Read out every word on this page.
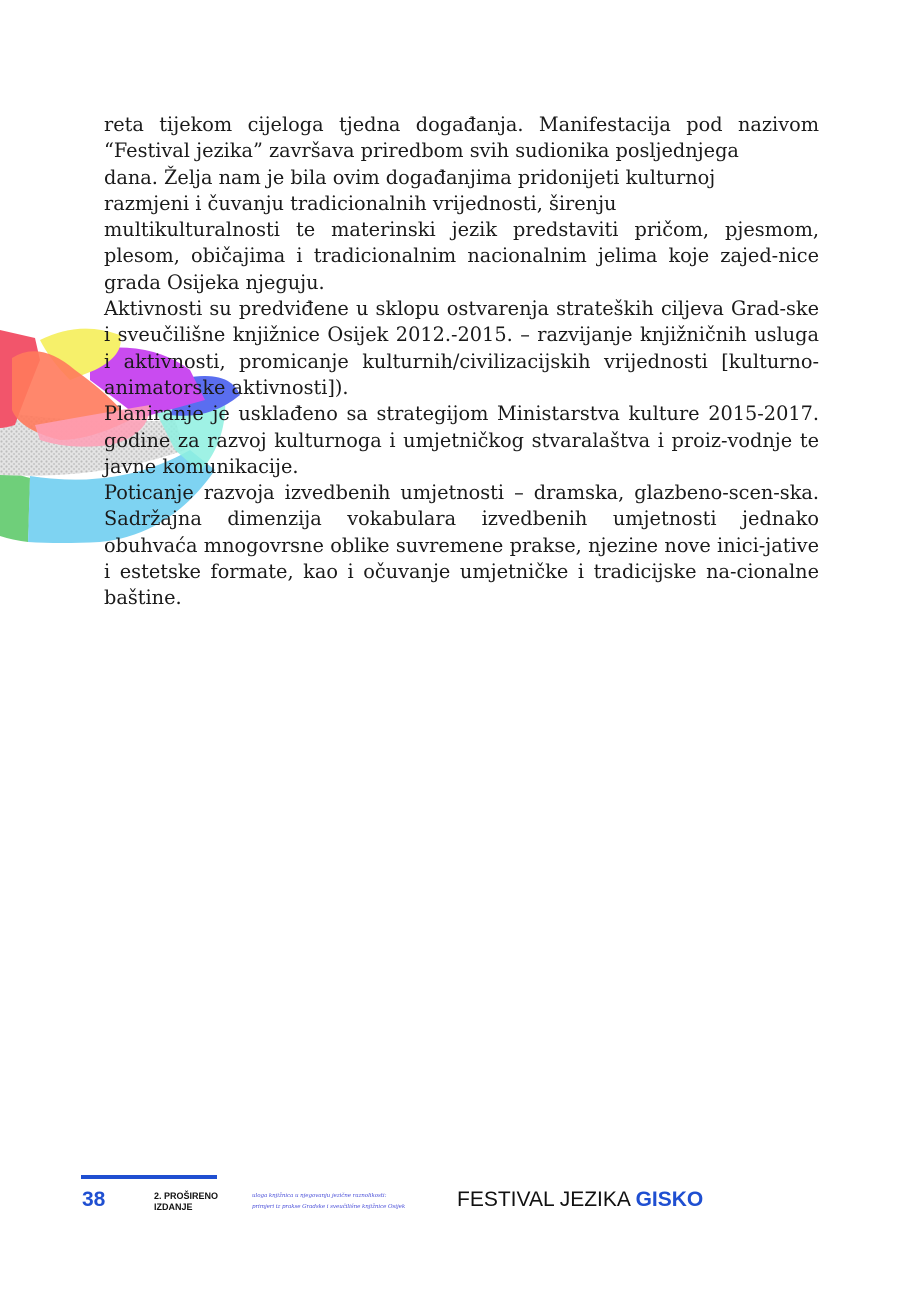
reta tijekom cijeloga tjedna događanja. Manifestacija pod nazivom “Festival jezika” završava priredbom svih sudionika posljednjega

dana. Želja nam je bila ovim događanjima pridonijeti kulturnoj
razmjeni i čuvanju tradicionalnih vrijednosti, širenju

multikulturalnosti te materinski jezik predstaviti pričom, pjesmom, plesom, običajima i tradicionalnim nacionalnim jelima koje zajed-nice grada Osijeka njeguju.

Aktivnosti su predviđene u sklopu ostvarenja strateških ciljeva Grad-ske i sveučilišne knjižnice Osijek 2012.-2015. – razvijanje knjižničnih usluga i aktivnosti, promicanje kulturnih/civilizacijskih vrijednosti [kulturno-animatorske aktivnosti]).

Planiranje je usklađeno sa strategijom Ministarstva kulture 2015-2017. godine za razvoj kulturnoga i umjetničkog stvaralaštva i proiz-vodnje te javne komunikacije.

Poticanje razvoja izvedbenih umjetnosti – dramska, glazbeno-scen-ska. Sadržajna dimenzija vokabulara izvedbenih umjetnosti jednako obuhvaća mnogovrsne oblike suvremene prakse, njezine nove inici-jative i estetske formate, kao i očuvanje umjetničke i tradicijske na-cionalne baštine.

38	2. PROŠIRENO
IZDANJE
uloga knjižnica u njegovanju jezične raznolikosti:
primjeri iz prakse Gradske i sveučilišne knjižnice Osijek	FESTIVAL JEZIKA GISKO
